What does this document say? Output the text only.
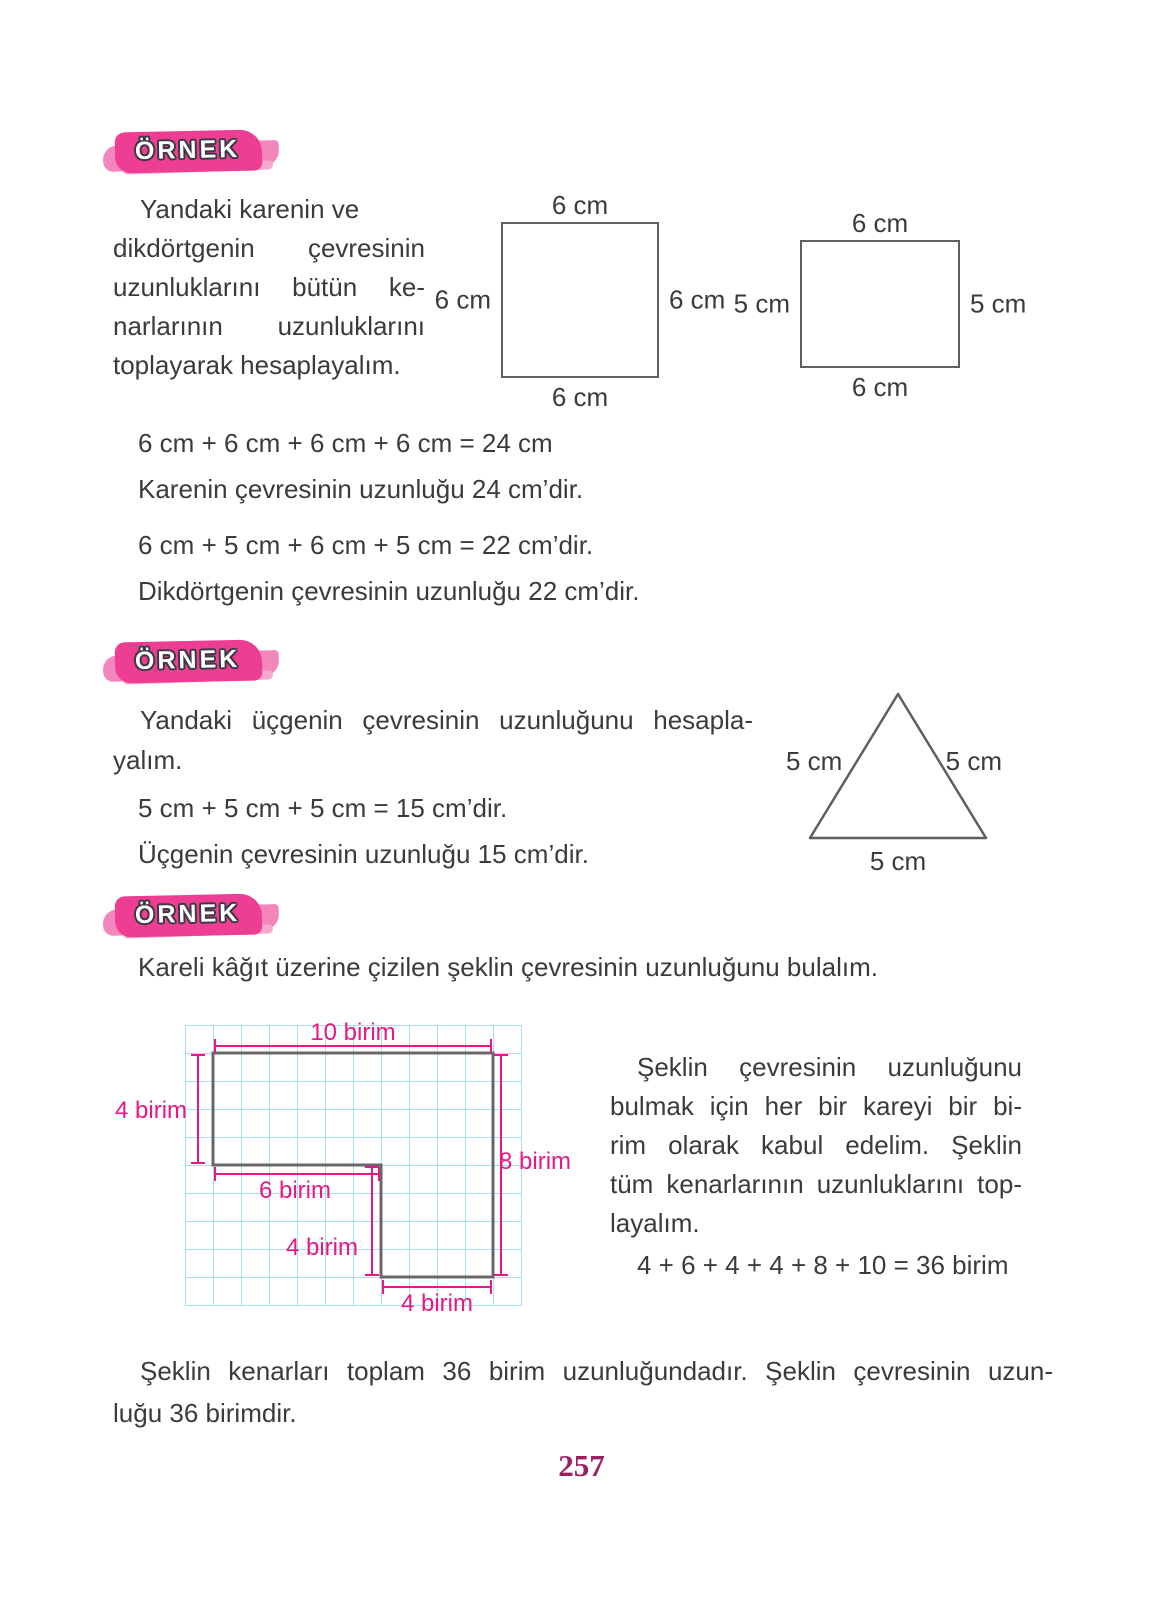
ÖRNEK
Yandaki karenin ve
dikdörtgenin çevresinin
uzunluklarını bütün ke-
narlarının uzunluklarını
toplayarak hesaplayalım.
6 cm
6 cm	6 cm
6 cm
6 cm
5 cm	5 cm
6 cm
6 cm + 6 cm + 6 cm + 6 cm = 24 cm
Karenin çevresinin uzunluğu 24 cm’dir.
6 cm + 5 cm + 6 cm + 5 cm = 22 cm’dir.
Dikdörtgenin çevresinin uzunluğu 22 cm’dir.
ÖRNEK
Yandaki üçgenin çevresinin uzunluğunu hesapla-
yalım.	5 cm	5 cm
5 cm
5 cm + 5 cm + 5 cm = 15 cm’dir.
Üçgenin çevresinin uzunluğu 15 cm’dir.
ÖRNEK
Kareli kâğıt üzerine çizilen şeklin çevresinin uzunluğunu bulalım.
10 birim
4 birim
8 birim
6 birim
4 birim
4 birim
Şeklin çevresinin uzunluğunu
bulmak için her bir kareyi bir bi-
rim olarak kabul edelim. Şeklin
tüm kenarlarının uzunluklarını top-
layalım.
4 + 6 + 4 + 4 + 8 + 10 = 36 birim
Şeklin kenarları toplam 36 birim uzunluğundadır. Şeklin çevresinin uzun-
luğu 36 birimdir.
257
